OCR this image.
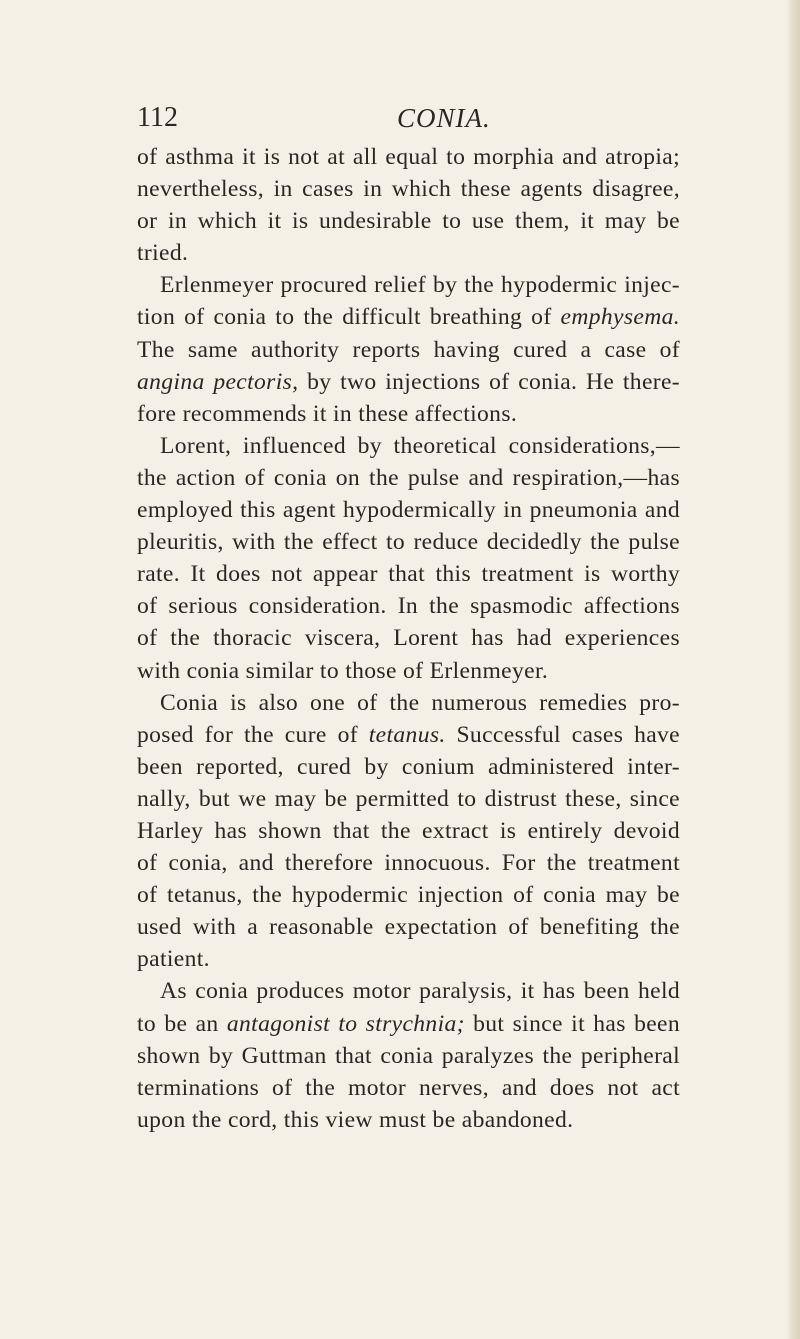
112	CONIA.
of asthma it is not at all equal to morphia and atropia;
nevertheless, in cases in which these agents disagree,
or in which it is undesirable to use them, it may be
tried.
Erlenmeyer procured relief by the hypodermic injec-
tion of conia to the difficult breathing of emphysema.
The same authority reports having cured a case of
angina pectoris, by two injections of conia. He there-
fore recommends it in these affections.
Lorent, influenced by theoretical considerations,—
the action of conia on the pulse and respiration,—has
employed this agent hypodermically in pneumonia and
pleuritis, with the effect to reduce decidedly the pulse
rate. It does not appear that this treatment is worthy
of serious consideration. In the spasmodic affections
of the thoracic viscera, Lorent has had experiences
with conia similar to those of Erlenmeyer.
Conia is also one of the numerous remedies pro-
posed for the cure of tetanus. Successful cases have
been reported, cured by conium administered inter-
nally, but we may be permitted to distrust these, since
Harley has shown that the extract is entirely devoid
of conia, and therefore innocuous. For the treatment
of tetanus, the hypodermic injection of conia may be
used with a reasonable expectation of benefiting the
patient.
As conia produces motor paralysis, it has been held
to be an antagonist to strychnia; but since it has been
shown by Guttman that conia paralyzes the peripheral
terminations of the motor nerves, and does not act
upon the cord, this view must be abandoned.
